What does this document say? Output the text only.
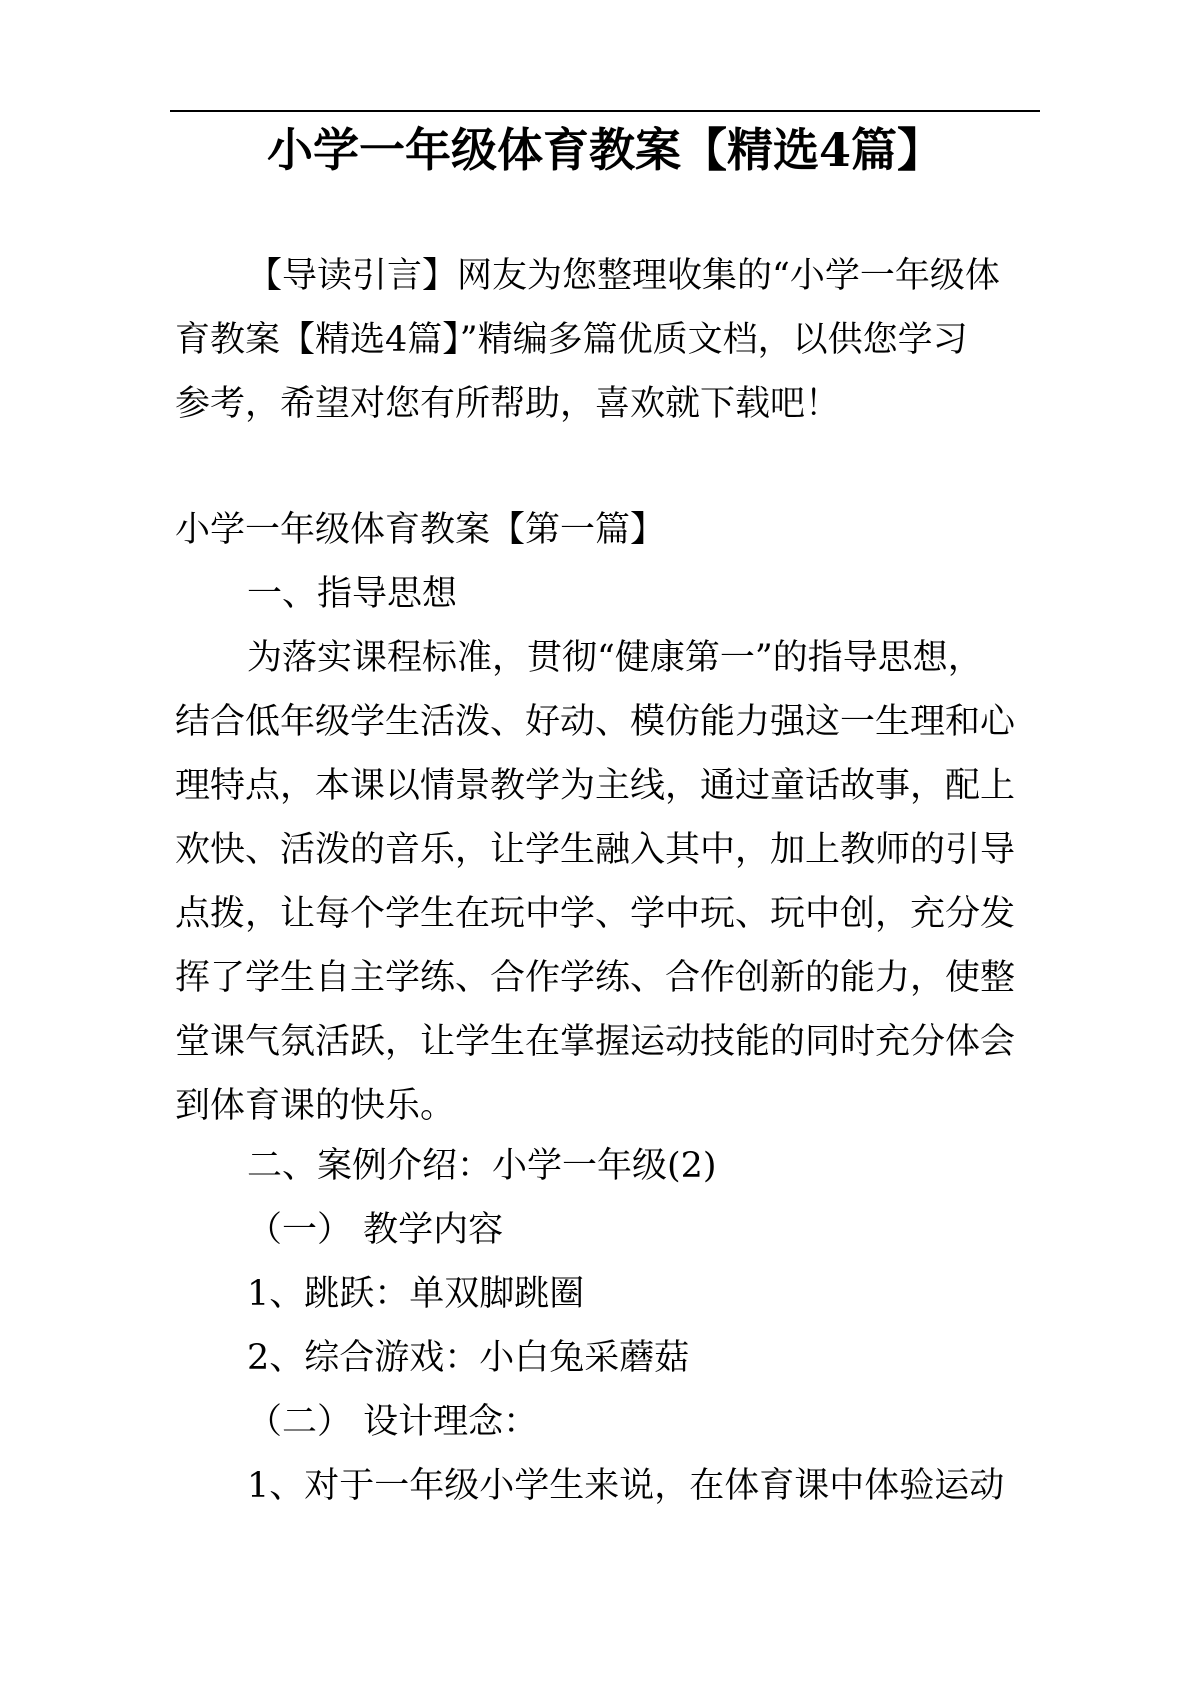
小学一年级体育教案【精选4篇】
【导读引言】网友为您整理收集的“小学一年级体
育教案【精选4篇】”精编多篇优质文档，以供您学习
参考，希望对您有所帮助，喜欢就下载吧！
小学一年级体育教案【第一篇】
一、指导思想
为落实课程标准，贯彻“健康第一”的指导思想，
结合低年级学生活泼、好动、模仿能力强这一生理和心
理特点，本课以情景教学为主线，通过童话故事，配上
欢快、活泼的音乐，让学生融入其中，加上教师的引导
点拨，让每个学生在玩中学、学中玩、玩中创，充分发
挥了学生自主学练、合作学练、合作创新的能力，使整
堂课气氛活跃，让学生在掌握运动技能的同时充分体会
到体育课的快乐。
二、案例介绍：小学一年级(2)
（一） 教学内容
1、跳跃：单双脚跳圈
2、综合游戏：小白兔采蘑菇
（二） 设计理念：
1、对于一年级小学生来说，在体育课中体验运动
